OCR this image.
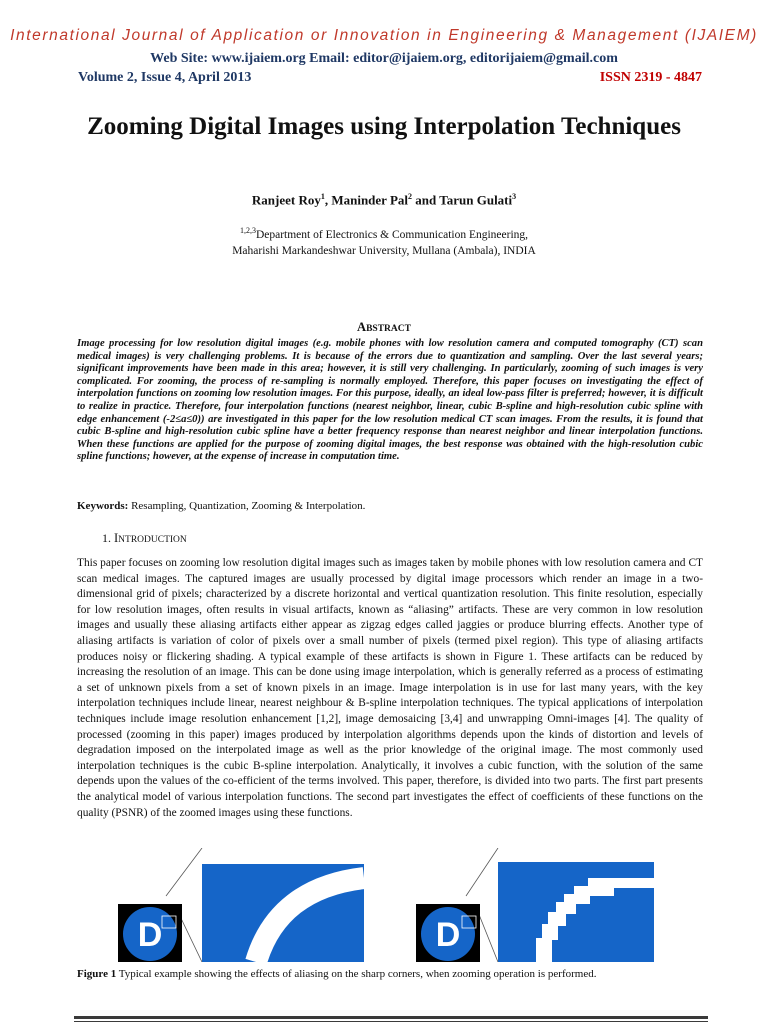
International Journal of Application or Innovation in Engineering & Management (IJAIEM)
Web Site: www.ijaiem.org Email: editor@ijaiem.org, editorijaiem@gmail.com
Volume 2, Issue 4, April 2013	ISSN 2319 - 4847
Zooming Digital Images using Interpolation Techniques
Ranjeet Roy$^1$, Maninder Pal$^2$ and Tarun Gulati$^3$
$^{1,2,3}$Department of Electronics & Communication Engineering,
Maharishi Markandeshwar University, Mullana (Ambala), INDIA
ABSTRACT
Image processing for low resolution digital images (e.g. mobile phones with low resolution camera and computed tomography (CT) scan medical images) is very challenging problems. It is because of the errors due to quantization and sampling. Over the last several years; significant improvements have been made in this area; however, it is still very challenging. In particularly, zooming of such images is very complicated. For zooming, the process of re-sampling is normally employed. Therefore, this paper focuses on investigating the effect of interpolation functions on zooming low resolution images. For this purpose, ideally, an ideal low-pass filter is preferred; however, it is difficult to realize in practice. Therefore, four interpolation functions (nearest neighbor, linear, cubic B-spline and high-resolution cubic spline with edge enhancement (-2≤a≤0)) are investigated in this paper for the low resolution medical CT scan images. From the results, it is found that cubic B-spline and high-resolution cubic spline have a better frequency response than nearest neighbor and linear interpolation functions. When these functions are applied for the purpose of zooming digital images, the best response was obtained with the high-resolution cubic spline functions; however, at the expense of increase in computation time.
Keywords: Resampling, Quantization, Zooming & Interpolation.
1. INTRODUCTION
This paper focuses on zooming low resolution digital images such as images taken by mobile phones with low resolution camera and CT scan medical images. The captured images are usually processed by digital image processors which render an image in a two-dimensional grid of pixels; characterized by a discrete horizontal and vertical quantization resolution. This finite resolution, especially for low resolution images, often results in visual artifacts, known as “aliasing” artifacts. These are very common in low resolution images and usually these aliasing artifacts either appear as zigzag edges called jaggies or produce blurring effects. Another type of aliasing artifacts is variation of color of pixels over a small number of pixels (termed pixel region). This type of aliasing artifacts produces noisy or flickering shading. A typical example of these artifacts is shown in Figure 1. These artifacts can be reduced by increasing the resolution of an image. This can be done using image interpolation, which is generally referred as a process of estimating a set of unknown pixels from a set of known pixels in an image. Image interpolation is in use for last many years, with the key interpolation techniques include linear, nearest neighbour & B-spline interpolation techniques. The typical applications of interpolation techniques include image resolution enhancement [1,2], image demosaicing [3,4] and unwrapping Omni-images [4]. The quality of processed (zooming in this paper) images produced by interpolation algorithms depends upon the kinds of distortion and levels of degradation imposed on the interpolated image as well as the prior knowledge of the original image. The most commonly used interpolation techniques is the cubic B-spline interpolation. Analytically, it involves a cubic function, with the solution of the same depends upon the values of the co-efficient of the terms involved. This paper, therefore, is divided into two parts. The first part presents the analytical model of various interpolation functions. The second part investigates the effect of coefficients of these functions on the quality (PSNR) of the zoomed images using these functions.
D	D
Figure 1 Typical example showing the effects of aliasing on the sharp corners, when zooming operation is performed.
